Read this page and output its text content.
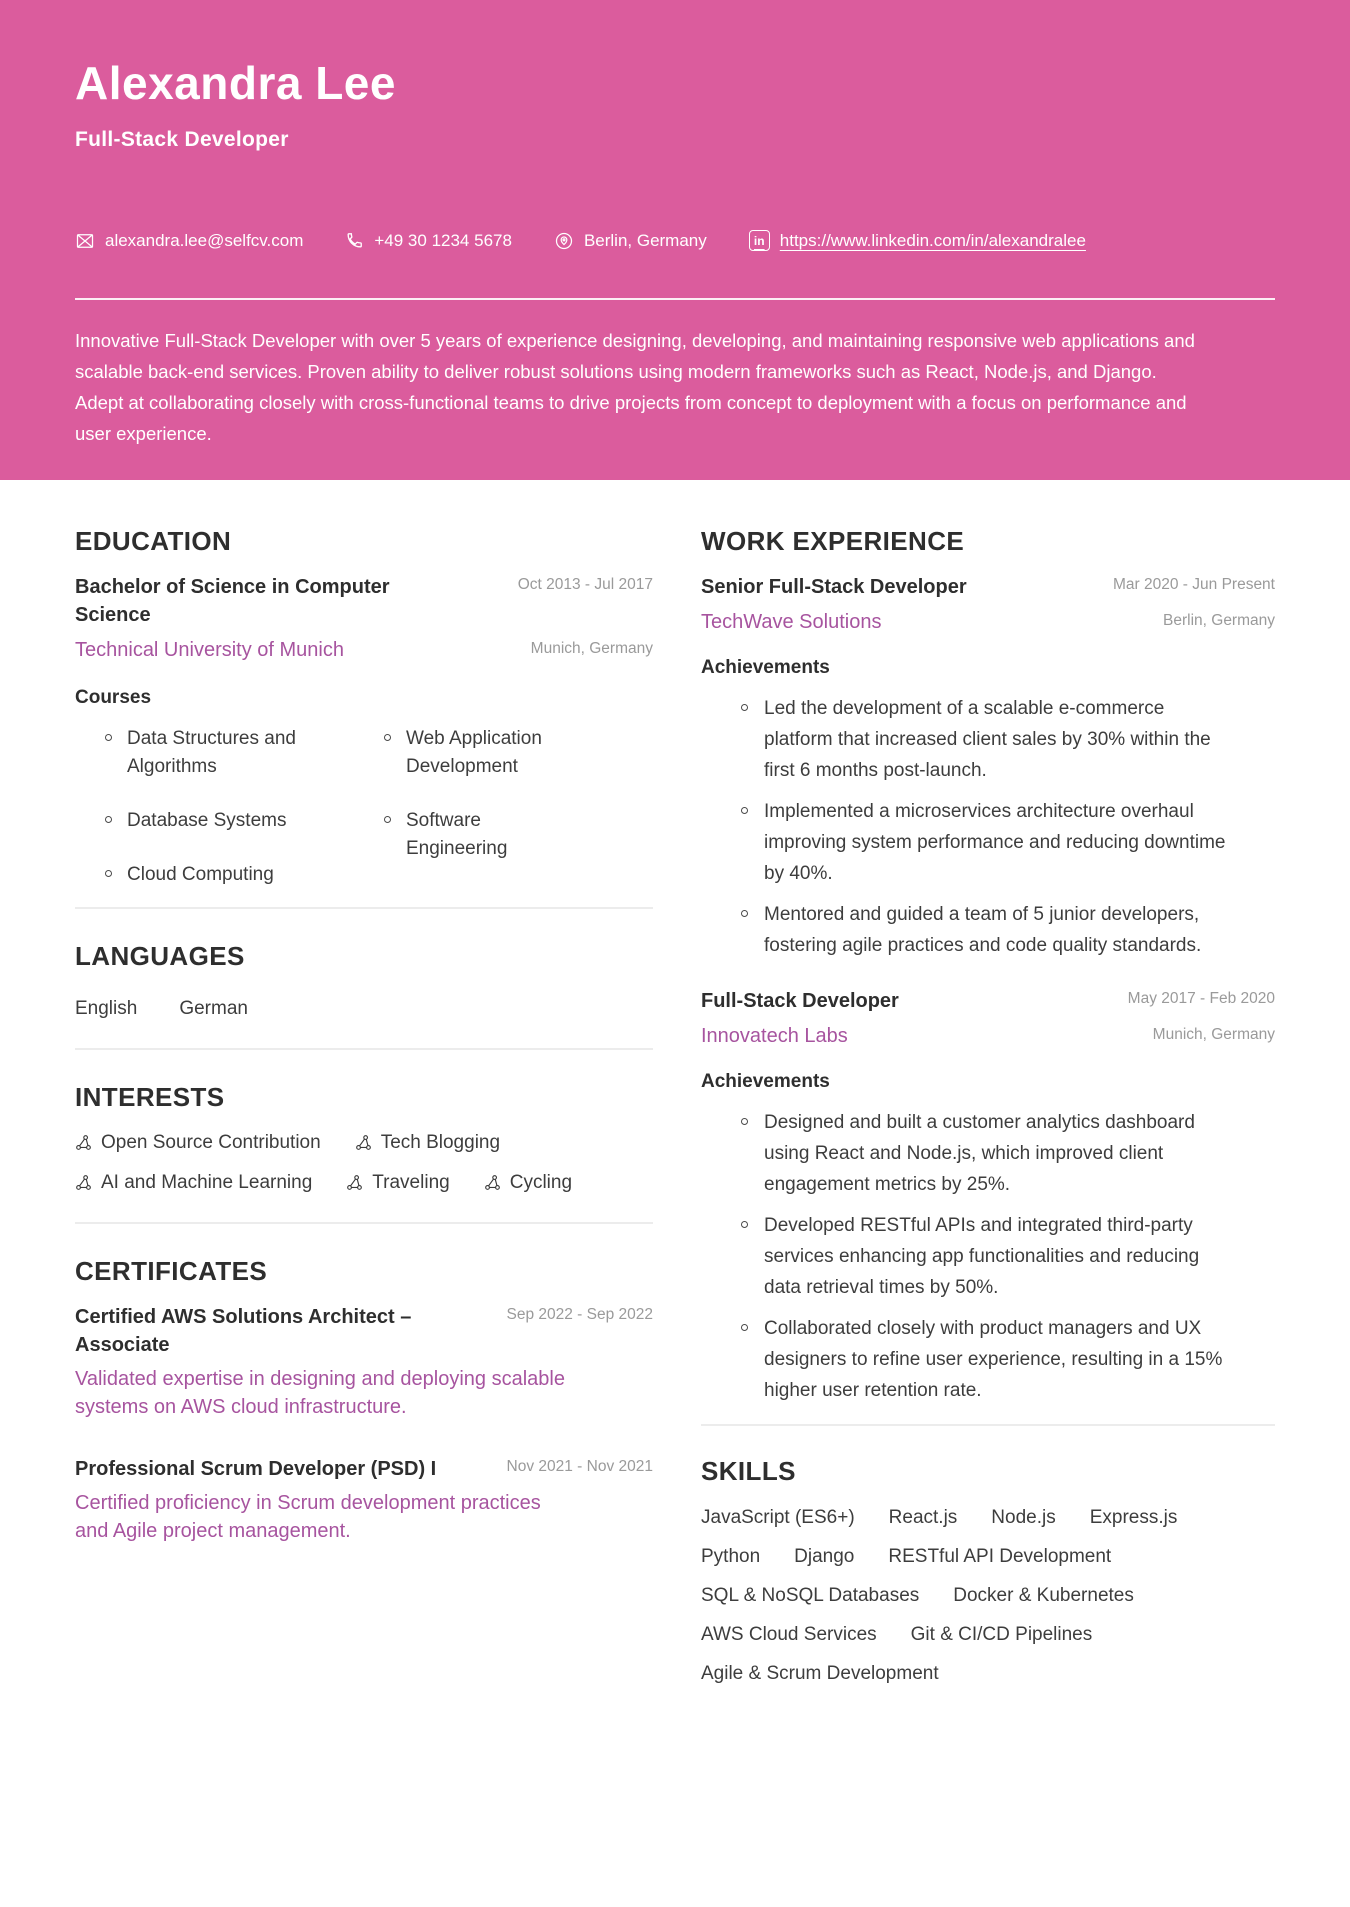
Alexandra Lee
Full-Stack Developer
alexandra.lee@selfcv.com	+49 30 1234 5678	Berlin, Germany	in https://www.linkedin.com/in/alexandralee

Innovative Full-Stack Developer with over 5 years of experience designing, developing, and maintaining responsive web applications and scalable back-end services. Proven ability to deliver robust solutions using modern frameworks such as React, Node.js, and Django. Adept at collaborating closely with cross-functional teams to drive projects from concept to deployment with a focus on performance and user experience.

EDUCATION
Bachelor of Science in Computer Science
Oct 2013 - Jul 2017
Technical University of Munich	Munich, Germany
Courses
Data Structures and Algorithms
Database Systems
Cloud Computing
Web Application Development
Software Engineering
LANGUAGES
English German
INTERESTS
Open Source Contribution	Tech Blogging
AI and Machine Learning	Traveling	Cycling
CERTIFICATES
Certified AWS Solutions Architect – Associate
Sep 2022 - Sep 2022
Validated expertise in designing and deploying scalable systems on AWS cloud infrastructure.
Professional Scrum Developer (PSD) I	Nov 2021 - Nov 2021
Certified proficiency in Scrum development practices and Agile project management.
WORK EXPERIENCE
Senior Full-Stack Developer	Mar 2020 - Jun Present
TechWave Solutions	Berlin, Germany
Achievements
Led the development of a scalable e-commerce platform that increased client sales by 30% within the first 6 months post-launch.
Implemented a microservices architecture overhaul improving system performance and reducing downtime by 40%.
Mentored and guided a team of 5 junior developers, fostering agile practices and code quality standards.
Full-Stack Developer	May 2017 - Feb 2020
Innovatech Labs	Munich, Germany
Achievements
Designed and built a customer analytics dashboard using React and Node.js, which improved client engagement metrics by 25%.
Developed RESTful APIs and integrated third-party services enhancing app functionalities and reducing data retrieval times by 50%.
Collaborated closely with product managers and UX designers to refine user experience, resulting in a 15% higher user retention rate.
SKILLS
JavaScript (ES6+) React.js Node.js Express.js
Python Django RESTful API Development
SQL & NoSQL Databases Docker & Kubernetes
AWS Cloud Services Git & CI/CD Pipelines
Agile & Scrum Development
